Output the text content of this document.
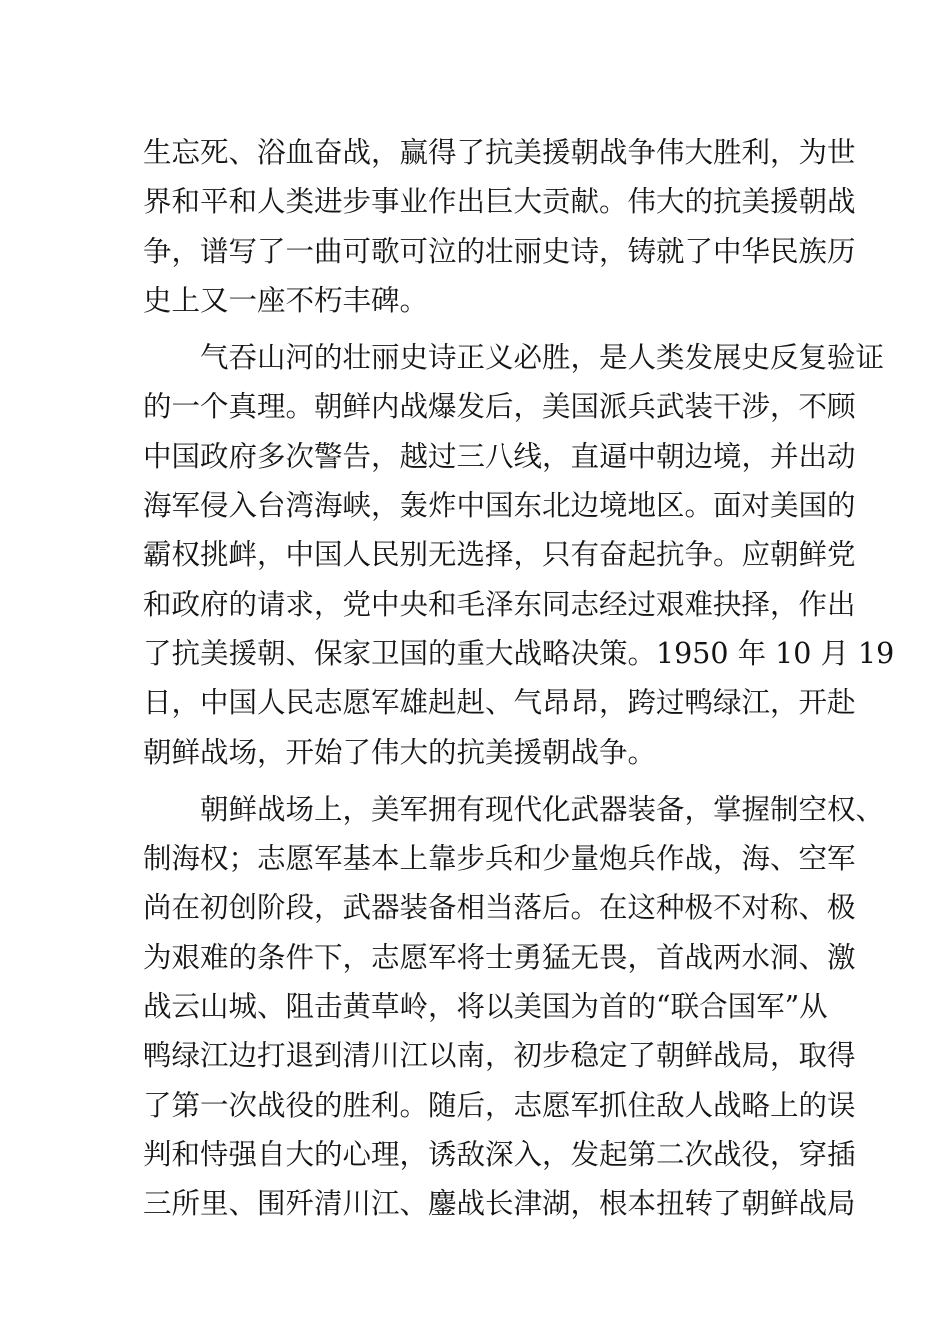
生忘死、浴血奋战，赢得了抗美援朝战争伟大胜利，为世
界和平和人类进步事业作出巨大贡献。伟大的抗美援朝战
争，谱写了一曲可歌可泣的壮丽史诗，铸就了中华民族历
史上又一座不朽丰碑。
　　气吞山河的壮丽史诗正义必胜，是人类发展史反复验证
的一个真理。朝鲜内战爆发后，美国派兵武装干涉，不顾
中国政府多次警告，越过三八线，直逼中朝边境，并出动
海军侵入台湾海峡，轰炸中国东北边境地区。面对美国的
霸权挑衅，中国人民别无选择，只有奋起抗争。应朝鲜党
和政府的请求，党中央和毛泽东同志经过艰难抉择，作出
了抗美援朝、保家卫国的重大战略决策。1950 年 10 月 19
日，中国人民志愿军雄赳赳、气昂昂，跨过鸭绿江，开赴
朝鲜战场，开始了伟大的抗美援朝战争。
　　朝鲜战场上，美军拥有现代化武器装备，掌握制空权、
制海权；志愿军基本上靠步兵和少量炮兵作战，海、空军
尚在初创阶段，武器装备相当落后。在这种极不对称、极
为艰难的条件下，志愿军将士勇猛无畏，首战两水洞、激
战云山城、阻击黄草岭，将以美国为首的“联合国军”从
鸭绿江边打退到清川江以南，初步稳定了朝鲜战局，取得
了第一次战役的胜利。随后，志愿军抓住敌人战略上的误
判和恃强自大的心理，诱敌深入，发起第二次战役，穿插
三所里、围歼清川江、鏖战长津湖，根本扭转了朝鲜战局
